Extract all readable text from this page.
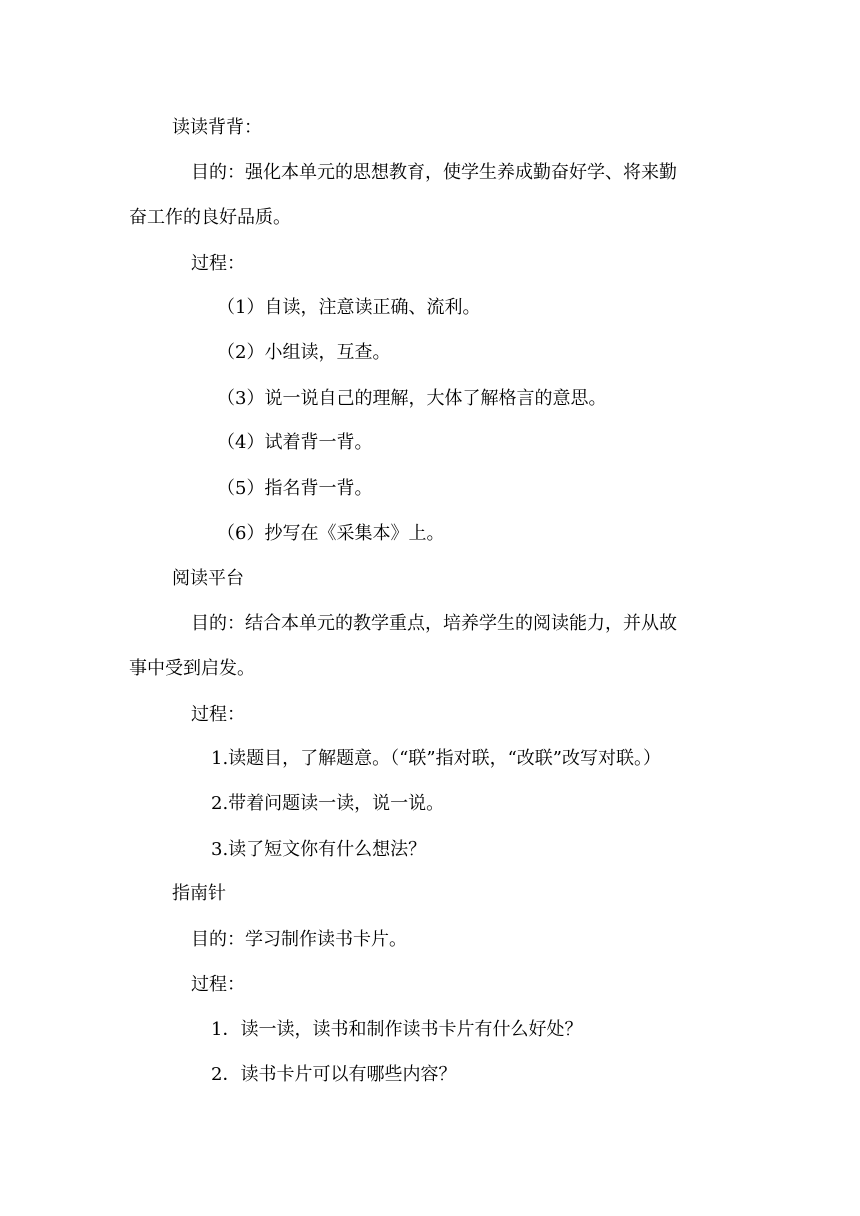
读读背背：

目的：强化本单元的思想教育，使学生养成勤奋好学、将来勤

奋工作的良好品质。

过程：

（1）自读，注意读正确、流利。

（2）小组读，互查。

（3）说一说自己的理解，大体了解格言的意思。

（4）试着背一背。

（5）指名背一背。

（6）抄写在《采集本》上。

阅读平台

目的：结合本单元的教学重点，培养学生的阅读能力，并从故

事中受到启发。

过程：

1.读题目，了解题意。（“联”指对联，“改联”改写对联。）

2.带着问题读一读，说一说。

3.读了短文你有什么想法？

指南针

目的：学习制作读书卡片。

过程：

1．读一读，读书和制作读书卡片有什么好处？

2．读书卡片可以有哪些内容？
